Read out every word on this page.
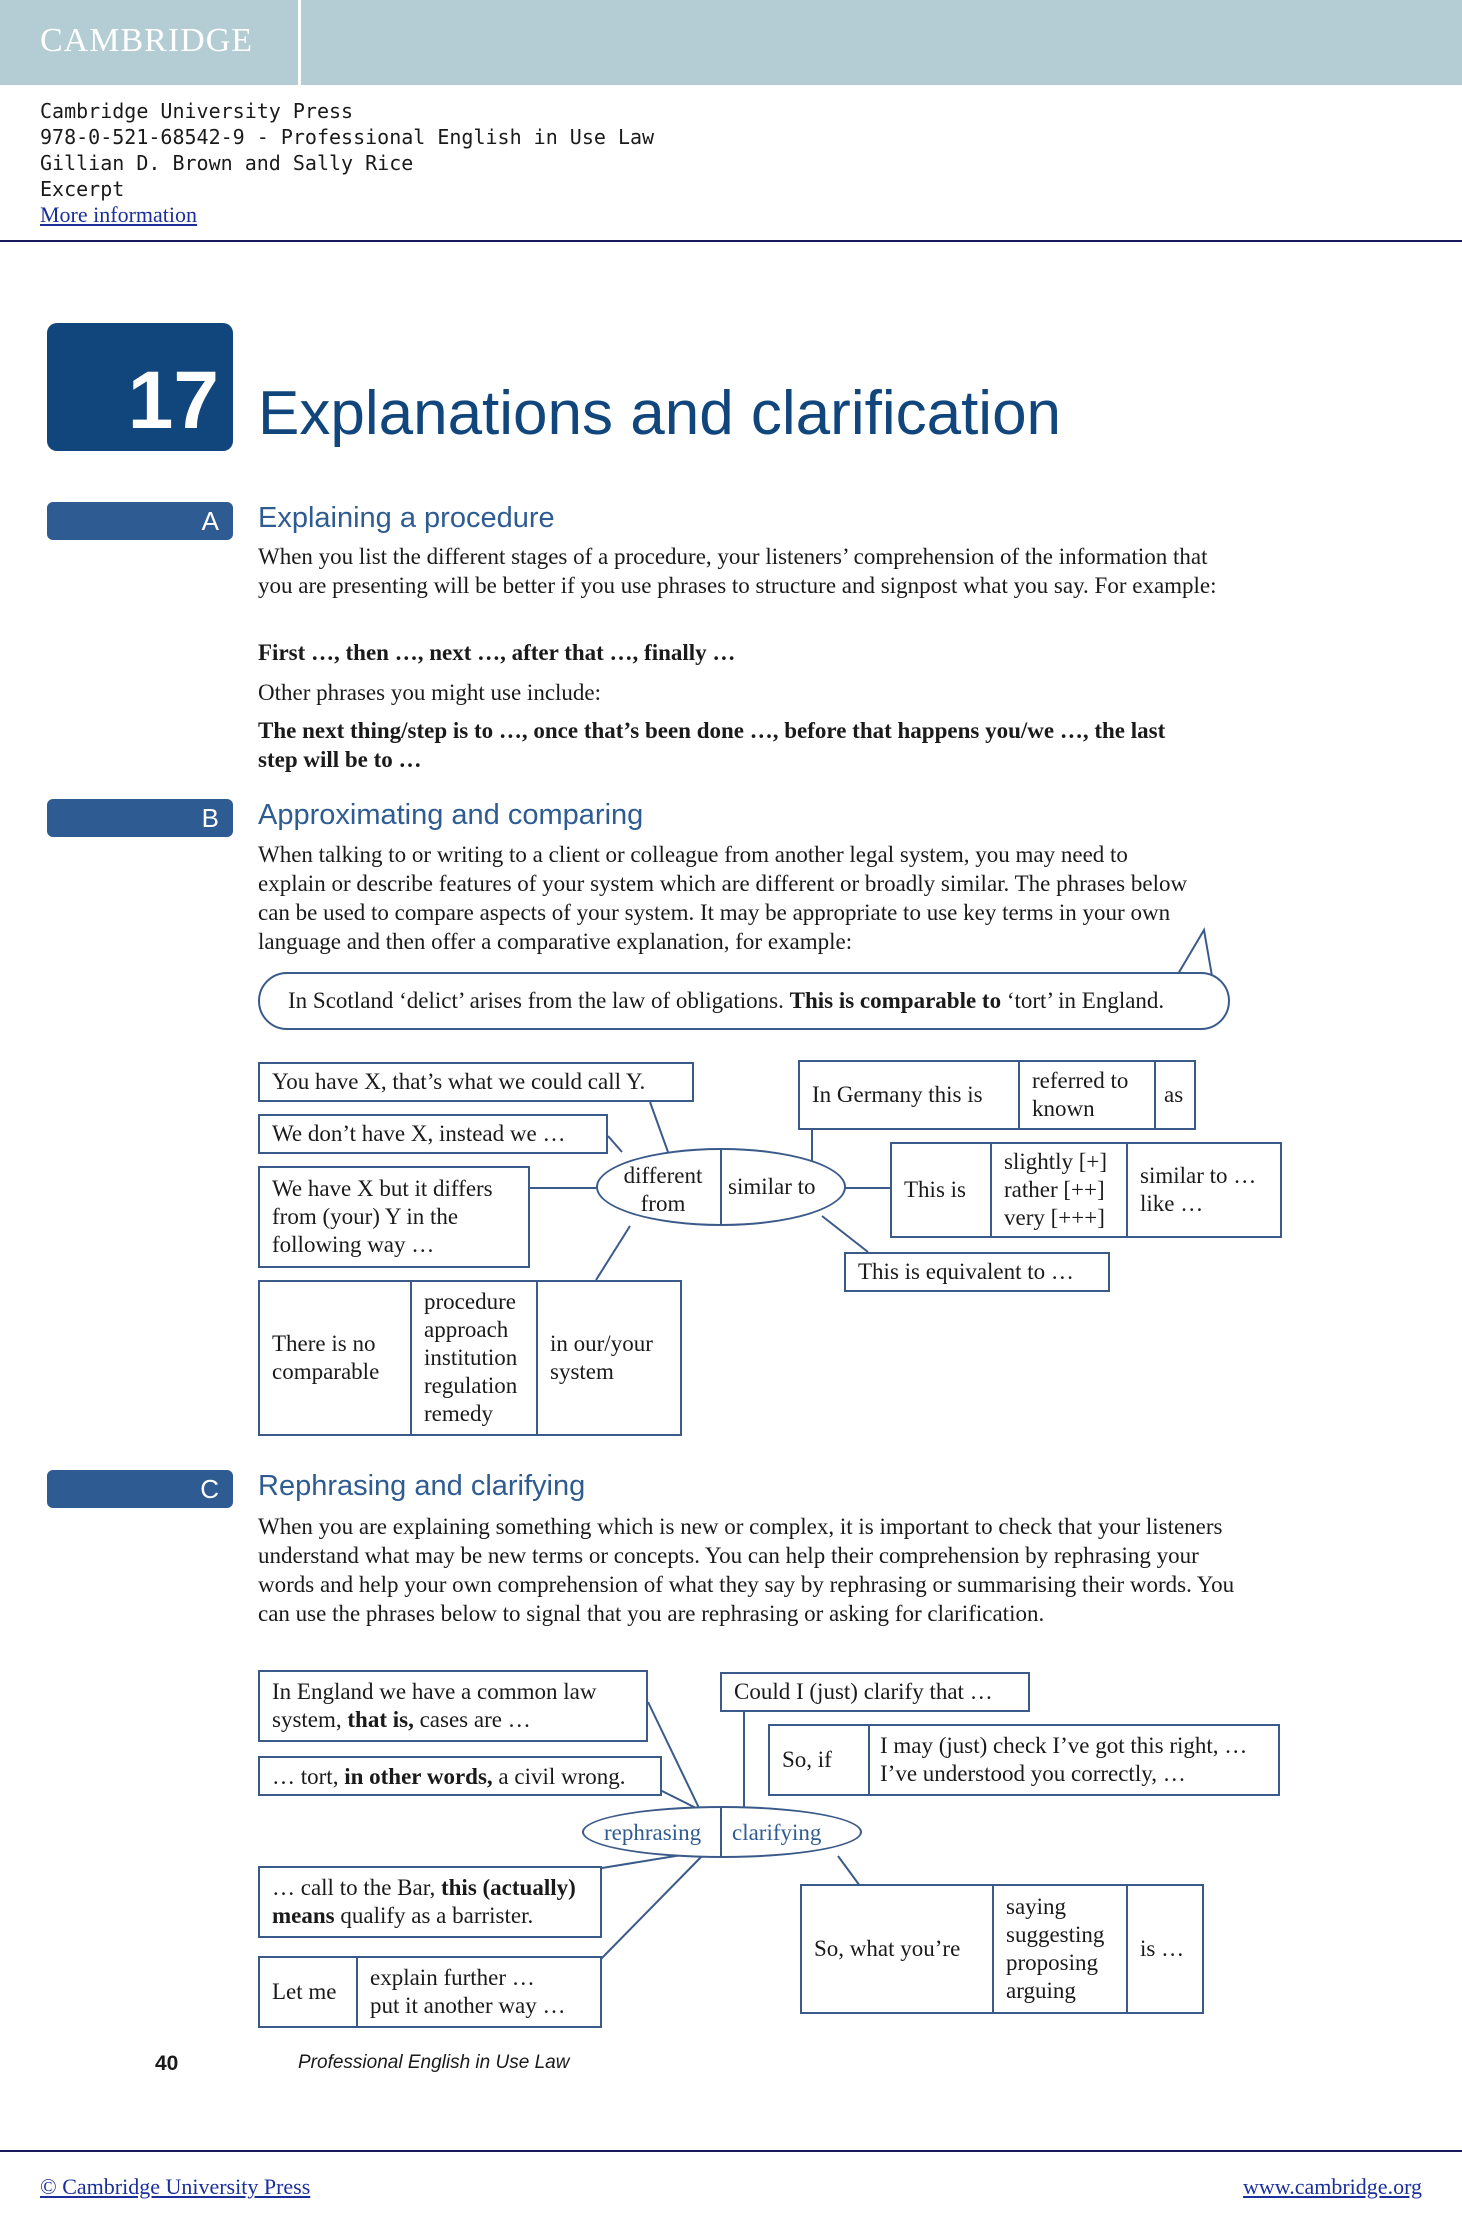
CAMBRIDGE
Cambridge University Press
978-0-521-68542-9 - Professional English in Use Law
Gillian D. Brown and Sally Rice
Excerpt
More information
17 Explanations and clarification
A Explaining a procedure
When you list the different stages of a procedure, your listeners’ comprehension of the information that you are presenting will be better if you use phrases to structure and signpost what you say. For example:
First …, then …, next …, after that …, finally …
Other phrases you might use include:
The next thing/step is to …, once that’s been done …, before that happens you/we …, the last step will be to …
B Approximating and comparing
When talking to or writing to a client or colleague from another legal system, you may need to explain or describe features of your system which are different or broadly similar. The phrases below can be used to compare aspects of your system. It may be appropriate to use key terms in your own language and then offer a comparative explanation, for example:
In Scotland ‘delict’ arises from the law of obligations. This is comparable to ‘tort’ in England.
You have X, that’s what we could call Y.
We don’t have X, instead we …
We have X but it differs
from (your) Y in the
following way …
different
from
similar to
In Germany this is
referred to
known
as
This is
slightly [+]
rather [++]
very [+++]
similar to …
like …
This is equivalent to …
There is no
comparable
procedure
approach
institution
regulation
remedy
in our/your
system
C Rephrasing and clarifying
When you are explaining something which is new or complex, it is important to check that your listeners understand what may be new terms or concepts. You can help their comprehension by rephrasing your words and help your own comprehension of what they say by rephrasing or summarising their words. You can use the phrases below to signal that you are rephrasing or asking for clarification.
In England we have a common law system, that is, cases are …
… tort, in other words, a civil wrong.
rephrasing clarifying
… call to the Bar, this (actually) means qualify as a barrister.
Let me
explain further …
put it another way …
Could I (just) clarify that …
So, if
I may (just) check I’ve got this right, …
I’ve understood you correctly, …
So, what you’re
saying
suggesting
proposing
arguing
is …
40	Professional English in Use Law
© Cambridge University Press	www.cambridge.org
